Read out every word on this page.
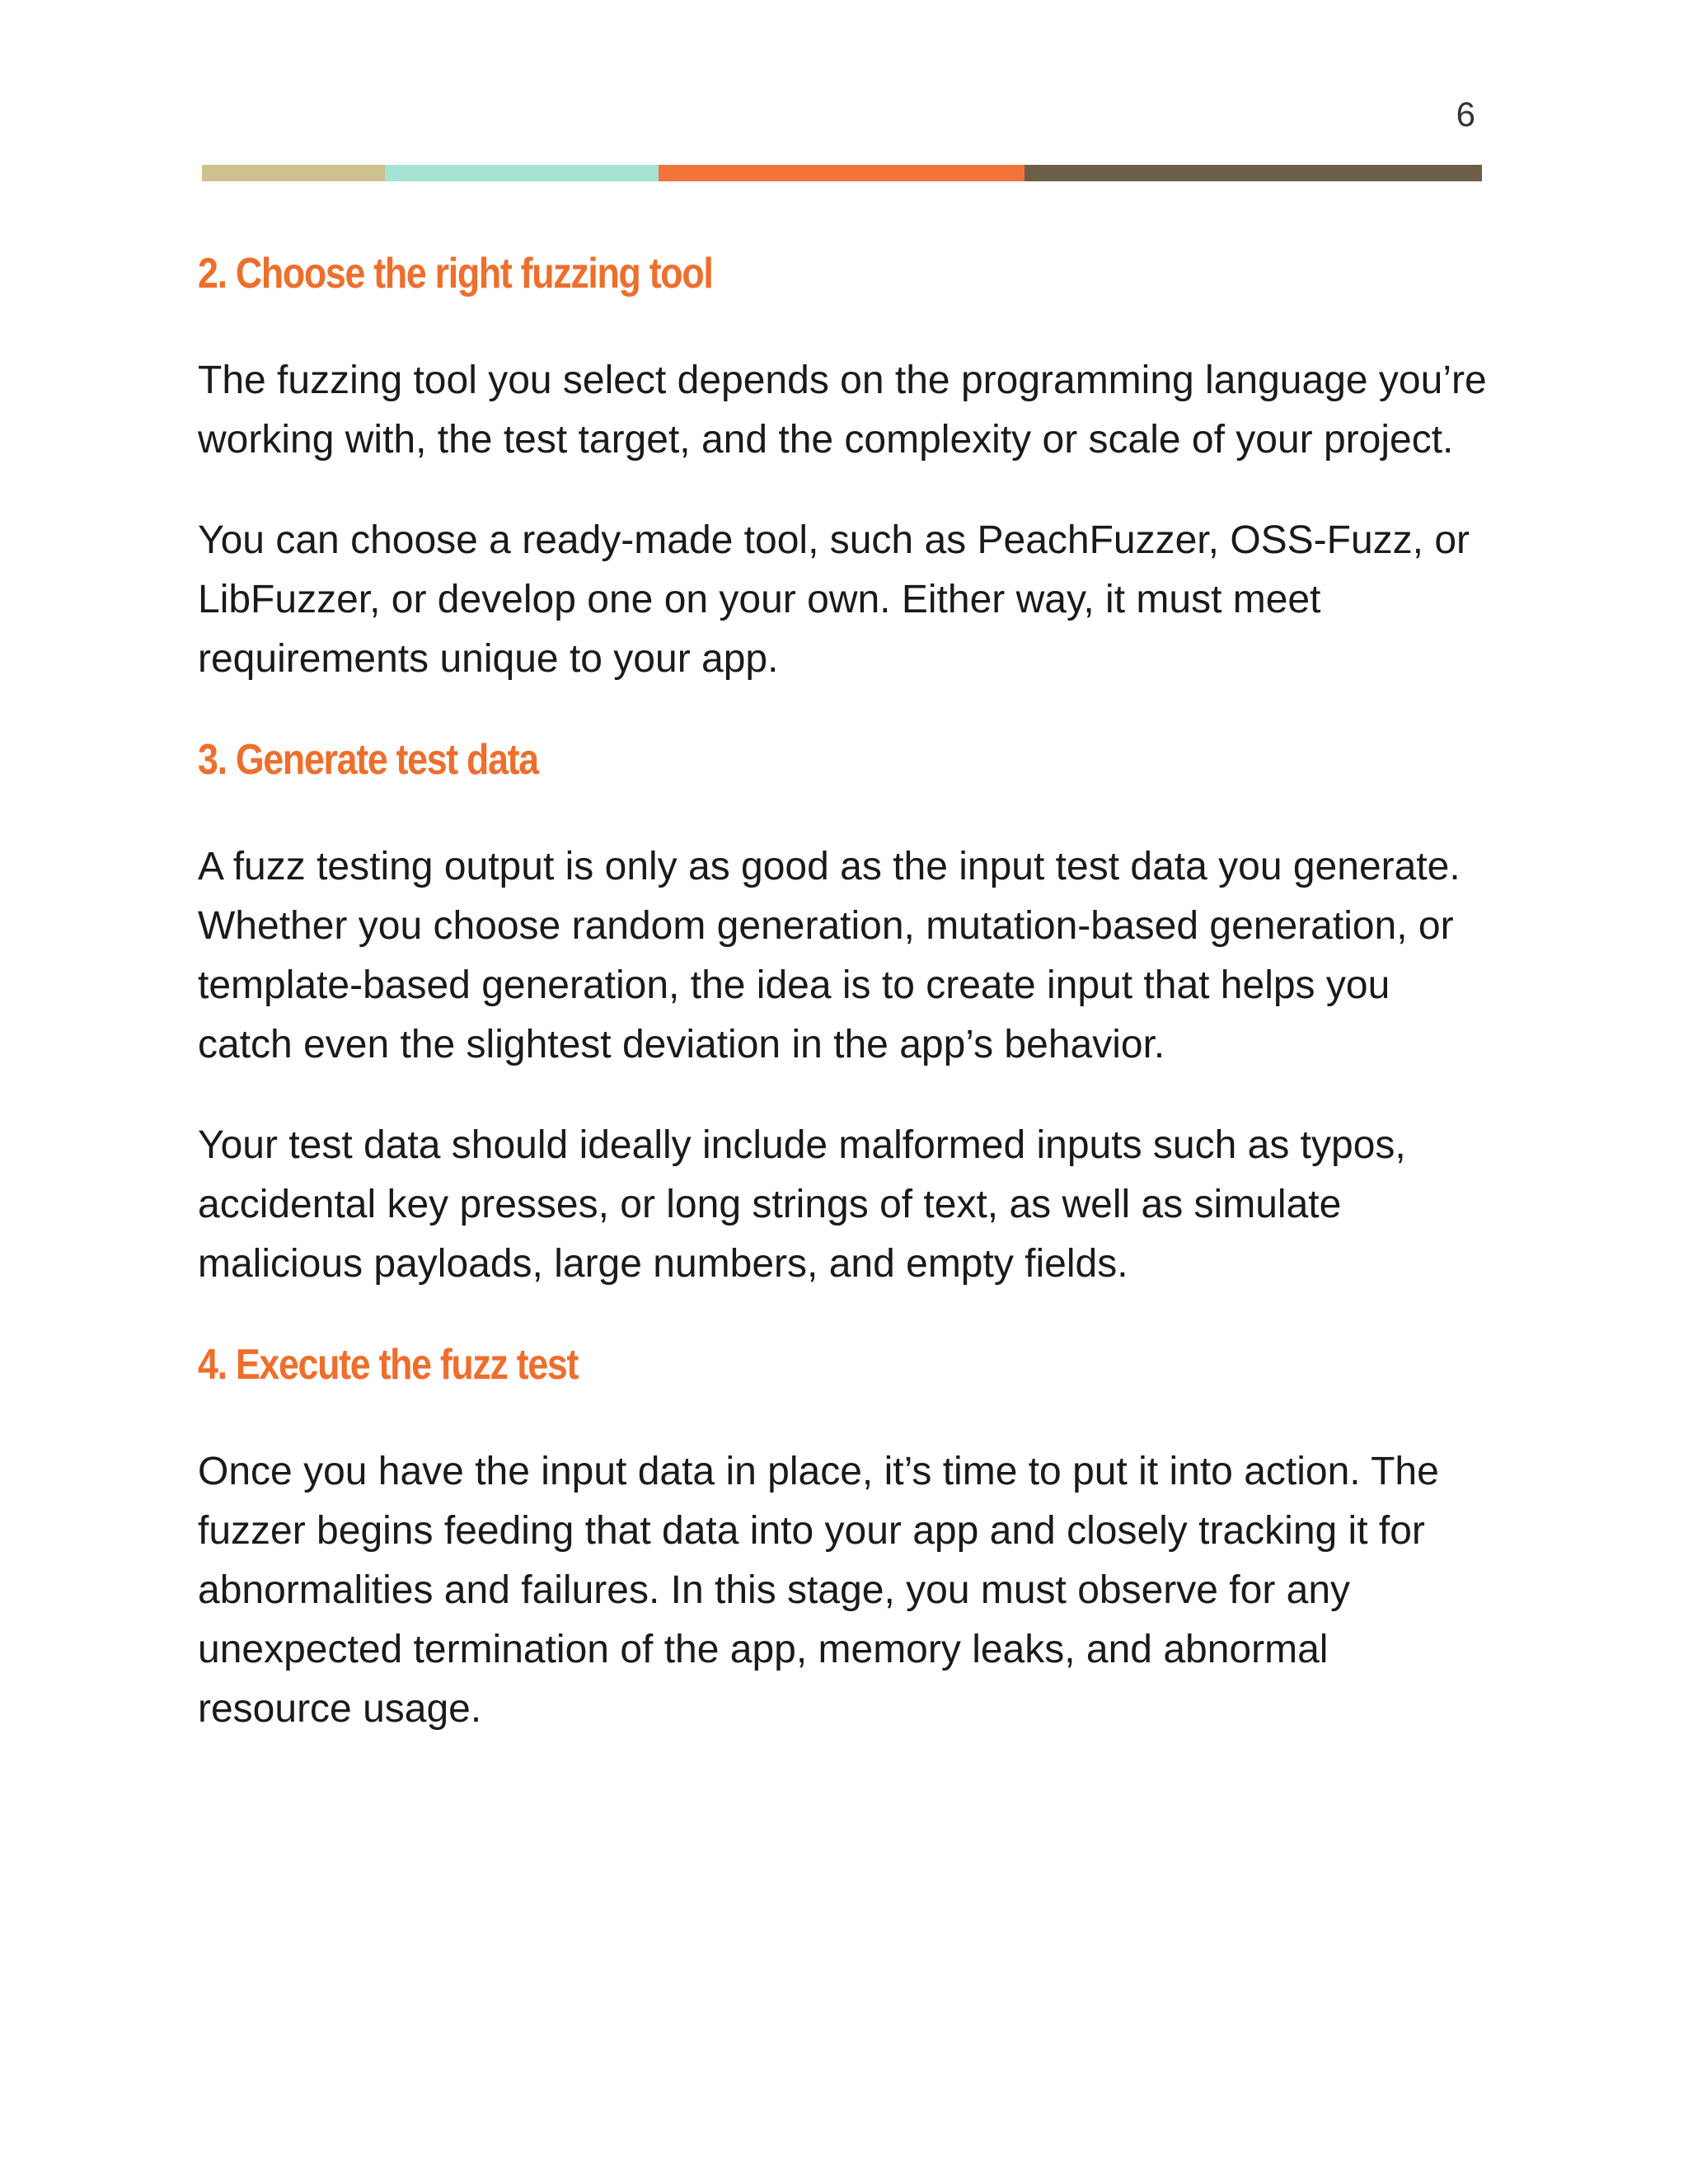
6
2. Choose the right fuzzing tool

The fuzzing tool you select depends on the programming language you’re working with, the test target, and the complexity or scale of your project.

You can choose a ready-made tool, such as PeachFuzzer, OSS-Fuzz, or LibFuzzer, or develop one on your own. Either way, it must meet requirements unique to your app.

3. Generate test data

A fuzz testing output is only as good as the input test data you generate. Whether you choose random generation, mutation-based generation, or template-based generation, the idea is to create input that helps you catch even the slightest deviation in the app’s behavior.

Your test data should ideally include malformed inputs such as typos, accidental key presses, or long strings of text, as well as simulate malicious payloads, large numbers, and empty fields.

4. Execute the fuzz test

Once you have the input data in place, it’s time to put it into action. The fuzzer begins feeding that data into your app and closely tracking it for abnormalities and failures. In this stage, you must observe for any unexpected termination of the app, memory leaks, and abnormal resource usage.
